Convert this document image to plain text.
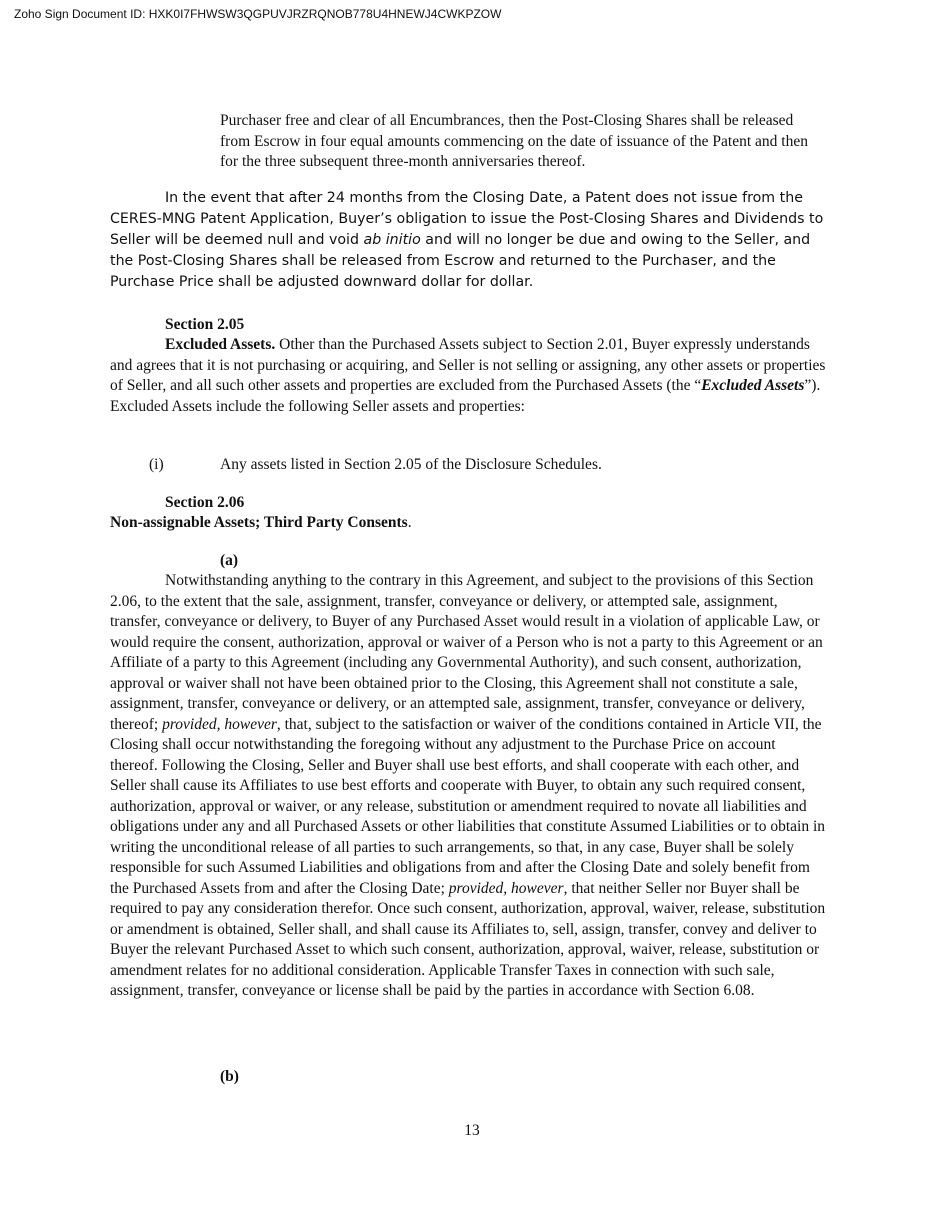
Zoho Sign Document ID: HXK0I7FHWSW3QGPUVJRZRQNOB778U4HNEWJ4CWKPZOW

Purchaser free and clear of all Encumbrances, then the Post-Closing Shares shall be released from Escrow in four equal amounts commencing on the date of issuance of the Patent and then for the three subsequent three-month anniversaries thereof.

In the event that after 24 months from the Closing Date, a Patent does not issue from the CERES-MNG Patent Application, Buyer’s obligation to issue the Post-Closing Shares and Dividends to Seller will be deemed null and void ab initio and will no longer be due and owing to the Seller, and the Post-Closing Shares shall be released from Escrow and returned to the Purchaser, and the Purchase Price shall be adjusted downward dollar for dollar.

Section 2.05

Excluded Assets. Other than the Purchased Assets subject to Section 2.01, Buyer expressly understands and agrees that it is not purchasing or acquiring, and Seller is not selling or assigning, any other assets or properties of Seller, and all such other assets and properties are excluded from the Purchased Assets (the “Excluded Assets”). Excluded Assets include the following Seller assets and properties:

(i)	Any assets listed in Section 2.05 of the Disclosure Schedules.

Section 2.06

Non-assignable Assets; Third Party Consents.

(a)

Notwithstanding anything to the contrary in this Agreement, and subject to the provisions of this Section 2.06, to the extent that the sale, assignment, transfer, conveyance or delivery, or attempted sale, assignment, transfer, conveyance or delivery, to Buyer of any Purchased Asset would result in a violation of applicable Law, or would require the consent, authorization, approval or waiver of a Person who is not a party to this Agreement or an Affiliate of a party to this Agreement (including any Governmental Authority), and such consent, authorization, approval or waiver shall not have been obtained prior to the Closing, this Agreement shall not constitute a sale, assignment, transfer, conveyance or delivery, or an attempted sale, assignment, transfer, conveyance or delivery, thereof; provided, however, that, subject to the satisfaction or waiver of the conditions contained in Article VII, the Closing shall occur notwithstanding the foregoing without any adjustment to the Purchase Price on account thereof. Following the Closing, Seller and Buyer shall use best efforts, and shall cooperate with each other, and Seller shall cause its Affiliates to use best efforts and cooperate with Buyer, to obtain any such required consent, authorization, approval or waiver, or any release, substitution or amendment required to novate all liabilities and obligations under any and all Purchased Assets or other liabilities that constitute Assumed Liabilities or to obtain in writing the unconditional release of all parties to such arrangements, so that, in any case, Buyer shall be solely responsible for such Assumed Liabilities and obligations from and after the Closing Date and solely benefit from the Purchased Assets from and after the Closing Date; provided, however, that neither Seller nor Buyer shall be required to pay any consideration therefor. Once such consent, authorization, approval, waiver, release, substitution or amendment is obtained, Seller shall, and shall cause its Affiliates to, sell, assign, transfer, convey and deliver to Buyer the relevant Purchased Asset to which such consent, authorization, approval, waiver, release, substitution or amendment relates for no additional consideration. Applicable Transfer Taxes in connection with such sale, assignment, transfer, conveyance or license shall be paid by the parties in accordance with Section 6.08.

(b)

13
